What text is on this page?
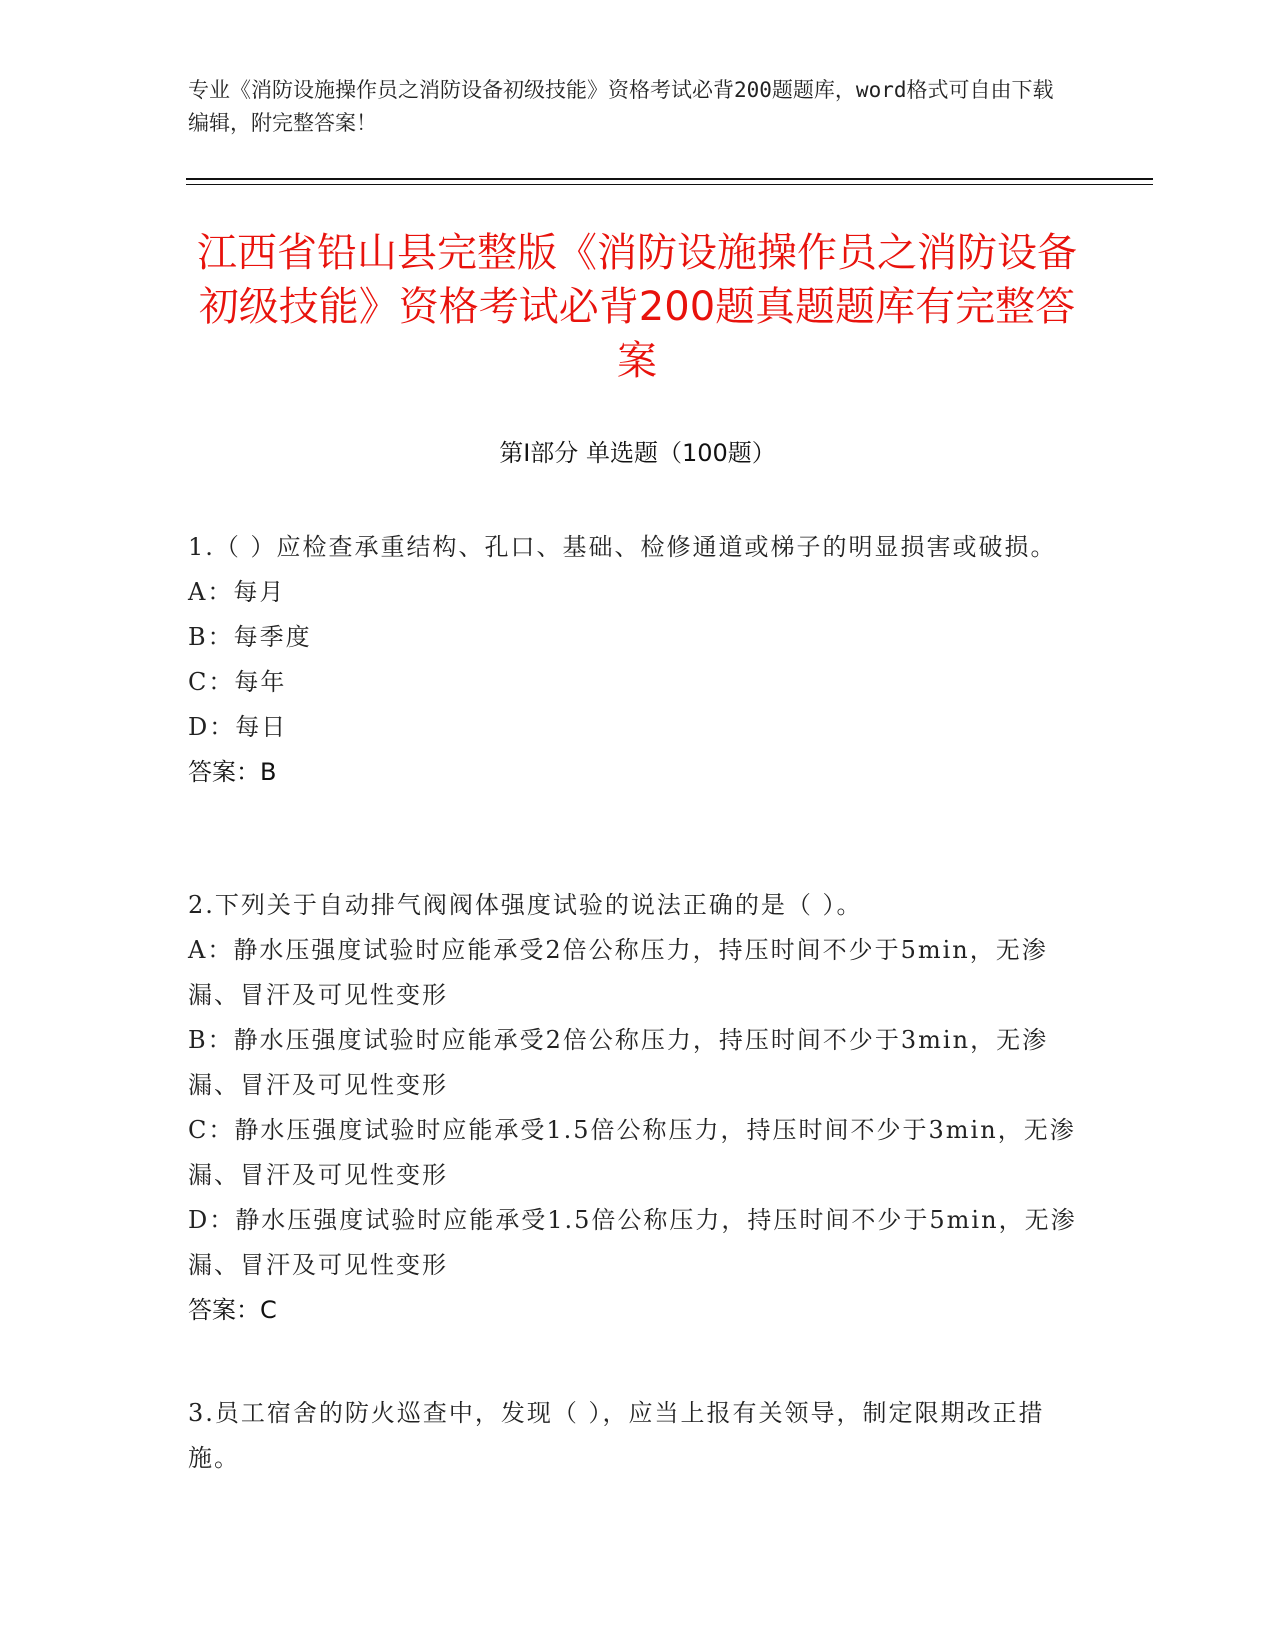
专业《消防设施操作员之消防设备初级技能》资格考试必背200题题库，word格式可自由下载编辑，附完整答案！
江西省铅山县完整版《消防设施操作员之消防设备初级技能》资格考试必背200题真题题库有完整答案
第Ⅰ部分 单选题（100题）
1.（ ）应检查承重结构、孔口、基础、检修通道或梯子的明显损害或破损。
A：每月
B：每季度
C：每年
D：每日
答案：B
2.下列关于自动排气阀阀体强度试验的说法正确的是（ ）。
A：静水压强度试验时应能承受2倍公称压力，持压时间不少于5min，无渗漏、冒汗及可见性变形
B：静水压强度试验时应能承受2倍公称压力，持压时间不少于3min，无渗漏、冒汗及可见性变形
C：静水压强度试验时应能承受1.5倍公称压力，持压时间不少于3min，无渗漏、冒汗及可见性变形
D：静水压强度试验时应能承受1.5倍公称压力，持压时间不少于5min，无渗漏、冒汗及可见性变形
答案：C
3.员工宿舍的防火巡查中，发现（ ），应当上报有关领导，制定限期改正措施。
